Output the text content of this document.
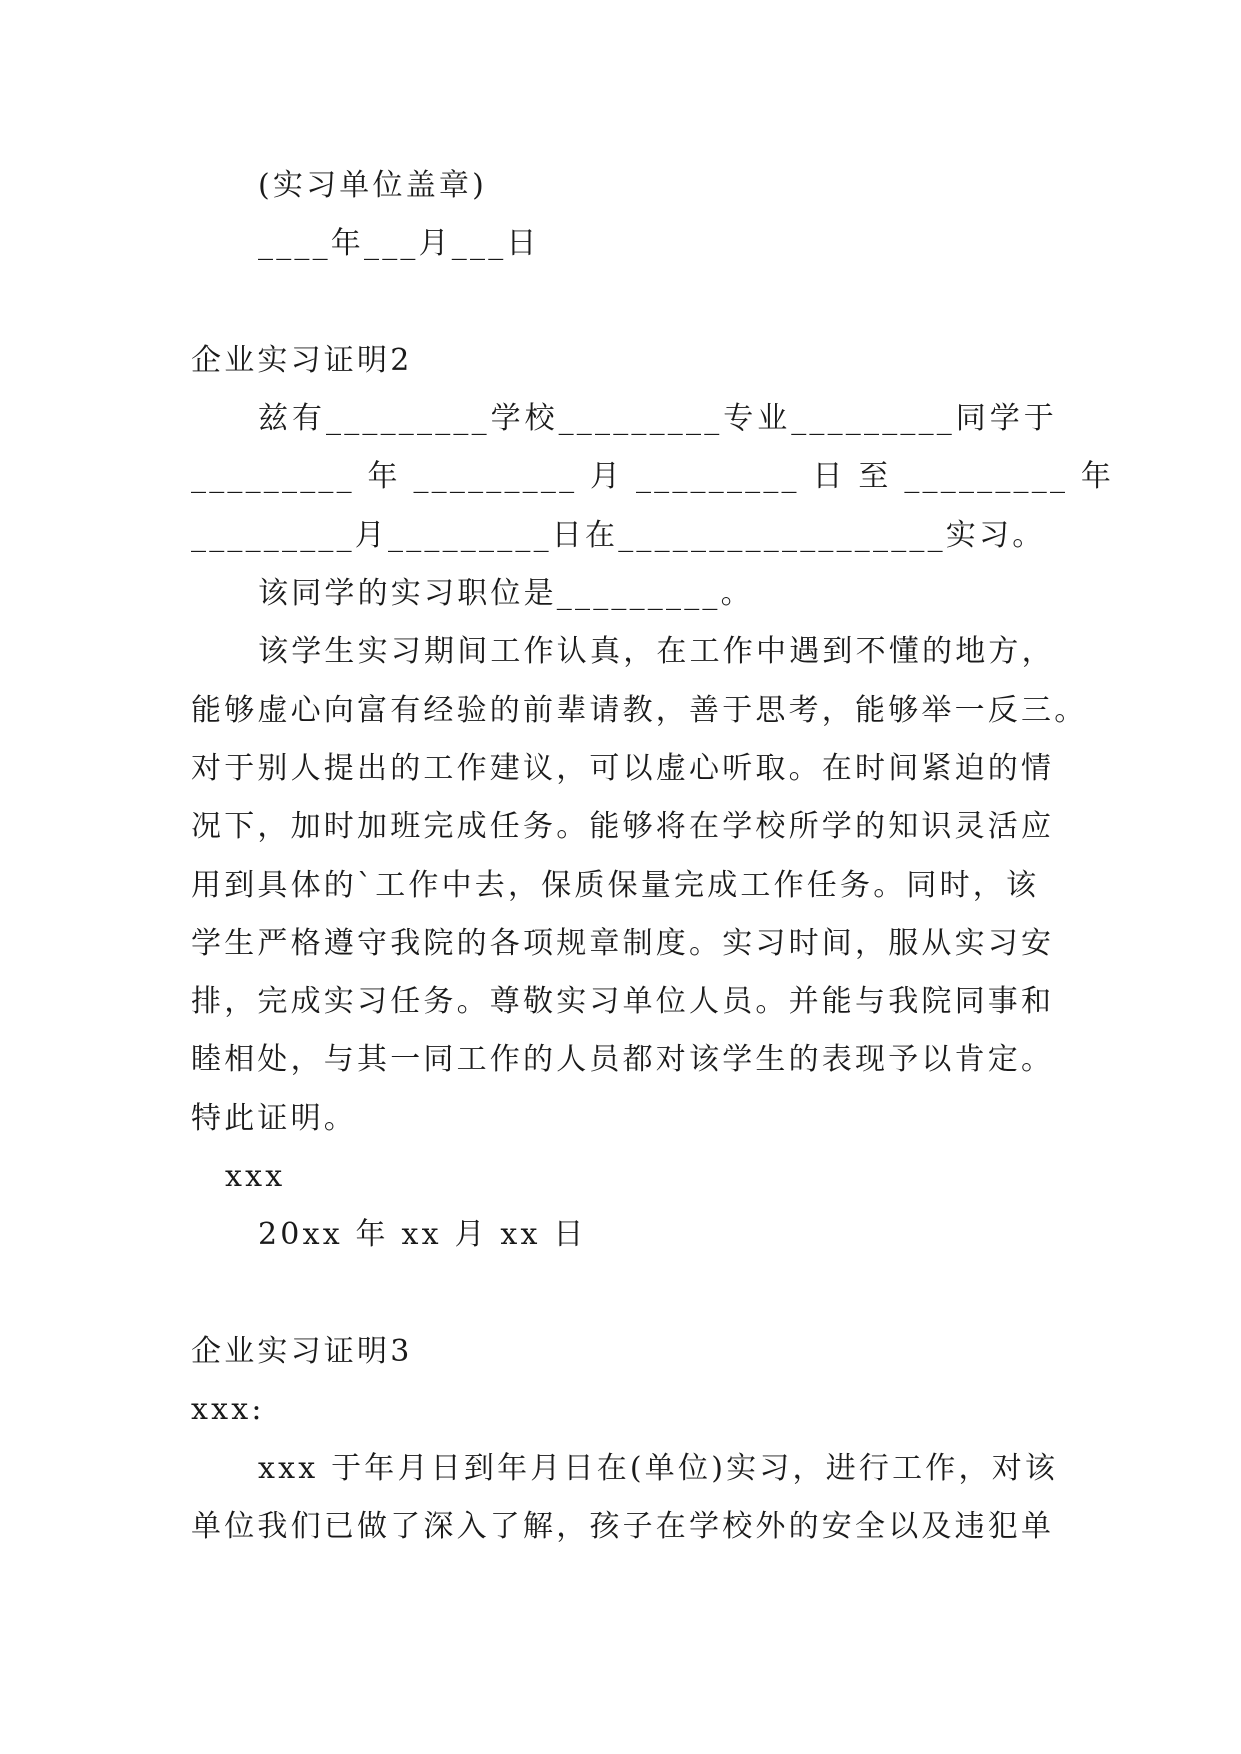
(实习单位盖章)
____年___月___日
企业实习证明2
兹有_________学校_________专业_________同学于
_________ 年 _________ 月 _________ 日 至 _________ 年
_________月_________日在__________________实习。
该同学的实习职位是_________。
该学生实习期间工作认真，在工作中遇到不懂的地方，
能够虚心向富有经验的前辈请教，善于思考，能够举一反三。
对于别人提出的工作建议，可以虚心听取。在时间紧迫的情
况下，加时加班完成任务。能够将在学校所学的知识灵活应
用到具体的`工作中去，保质保量完成工作任务。同时，该
学生严格遵守我院的各项规章制度。实习时间，服从实习安
排，完成实习任务。尊敬实习单位人员。并能与我院同事和
睦相处，与其一同工作的人员都对该学生的表现予以肯定。
特此证明。
xxx
20xx 年 xx 月 xx 日
企业实习证明3
xxx:
xxx 于年月日到年月日在(单位)实习，进行工作，对该
单位我们已做了深入了解，孩子在学校外的安全以及违犯单
